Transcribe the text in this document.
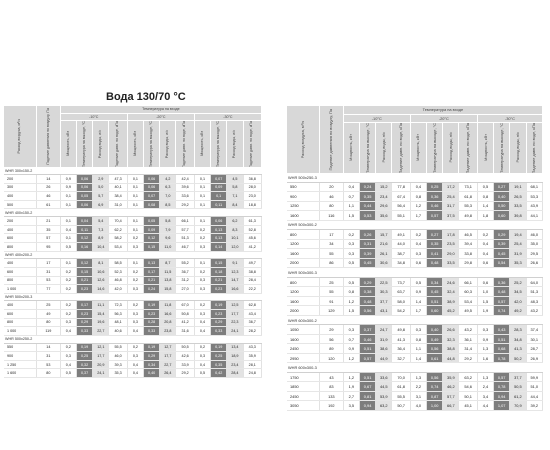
Вода 130/70 °С
Расход воздуха, м³/ч	Падение давления по воздуху, Па	Температура на входе											
		-10°С				-20°С				-30°С			

		Мощность, кВт	Температура на выходе, °С	Расход воды, л/с	Падение давл. по воде, кПа	Мощность, кВт	Температура на выходе, °С	Расход воды, л/с	Падение давл. по воде, кПа	Мощность, кВт	Температура на выходе, °С	Расход воды, л/с	Падение давл. по воде, кПа

WHR 300x150-2													
200	14	0,9	0,06	2,9	47,3	0,1	0,06	4,2	42,4	0,1	0,07	4,5	36,8
300	26	0,9	0,06	5,0	40,1	0,1	0,06	6,3	39,6	0,1	0,09	5,8	28,0
400	46	0,1	0,05	5,7	38,4	0,1	0,07	7,0	33,6	0,1	0,1	7,1	23,0
500	61	0,1	0,06	6,9	31,0	0,1	0,08	8,5	29,2	0,1	0,11	8,4	18,8
WHR 400x150-2													
200	21	0,1	0,04	5,4	70,4	0,1	0,05	5,8	66,1	0,1	0,06	6,2	61,3
400	35	0,4	0,11	7,3	62,2	0,1	0,09	7,9	57,7	0,2	0,13	8,3	52,8
600	57	0,1	0,12	8,9	58,2	0,2	0,12	9,6	51,3	0,2	0,13	10,1	45,6
800	95	0,5	0,16	10,4	53,4	0,3	0,15	11,0	46,7	0,3	0,14	12,0	41,2
WHR 400x200-2													
400	17	0,1	0,12	8,1	58,5	0,1	0,13	8,7	55,2	0,1	0,15	9,1	49,7
600	31	0,2	0,15	10,6	52,3	0,2	0,17	11,5	36,7	0,2	0,18	12,3	38,8
800	53	0,2	0,21	12,6	46,8	0,2	0,21	13,8	31,2	0,3	0,21	14,7	28,4
1 000	77	0,2	0,23	14,6	42,0	0,3	0,24	15,8	27,0	0,3	0,23	16,6	22,2
WHR 500x200-3													
400	25	0,2	0,17	11,1	72,3	0,2	0,19	11,8	67,0	0,2	0,19	12,5	62,8
600	49	0,2	0,23	15,4	56,3	0,3	0,23	16,6	50,8	0,3	0,23	17,7	43,4
800	80	0,3	0,29	19,6	48,1	0,3	0,28	20,8	41,2	0,4	0,29	22,3	36,7
1 000	119	0,4	0,33	22,7	40,6	0,4	0,33	23,8	31,6	0,4	0,33	24,1	28,2
WHR 500x250-2													
550	14	0,2	0,19	12,1	55,5	0,2	0,19	12,7	50,5	0,2	0,19	13,4	43,3
900	31	0,3	0,25	17,7	46,0	0,3	0,29	17,7	42,6	0,3	0,25	18,9	35,9
1 250	53	0,4	0,32	20,9	39,3	0,4	0,34	22,7	33,9	0,4	0,35	23,4	28,1
1 600	80	0,5	0,37	24,1	35,3	0,4	0,40	26,4	29,2	0,5	0,42	28,4	24,8
Расход воздуха, м³/ч	Падение давления по воздуху, Па	Температура на входе											
		-10°С				-20°С				-30°С			

		Мощность, кВт	Температура на выходе, °С	Расход воды, л/с	Падение давл. по воде, кПа	Мощность, кВт	Температура на выходе, °С	Расход воды, л/с	Падение давл. по воде, кПа	Мощность, кВт	Температура на выходе, °С	Расход воды, л/с	Падение давл. по воде, кПа

WHR 500x250-3													
550	20	0,4	0,24	15,2	77,8	0,4	0,25	17,2	73,1	0,5	0,27	19,1	68,1
900	46	0,7	0,35	23,4	67,4	0,8	0,36	25,4	61,8	0,8	0,40	26,5	53,3
1250	80	1,1	0,44	29,6	56,4	1,2	0,46	31,7	55,3	1,4	0,50	33,5	43,9
1600	116	1,5	0,53	35,6	55,1	1,7	0,57	37,5	49,8	1,8	0,60	39,8	44,1
WHR 500x300-2													
800	17	0,2	0,26	15,7	49,1	0,2	0,27	17,8	46,5	0,2	0,29	19,4	46,0
1200	34	0,3	0,31	21,6	44,0	0,4	0,35	23,5	39,4	0,4	0,39	25,4	35,0
1600	55	0,3	0,39	26,1	38,7	0,3	0,41	29,0	33,8	0,4	0,45	31,9	29,5
2000	86	0,5	0,45	30,6	34,8	0,6	0,48	33,5	29,8	0,6	0,54	35,3	26,6
WHR 500x300-3													
800	25	0,5	0,29	22,5	73,7	0,5	0,34	24,6	66,1	0,6	0,36	25,2	64,0
1200	55	0,8	0,38	30,3	63,7	0,9	0,45	32,4	60,3	1,0	0,48	34,5	51,3
1600	91	1,2	0,48	37,7	58,0	1,4	0,51	38,9	53,4	1,5	0,57	42,0	48,3
2000	129	1,5	0,56	43,1	54,2	1,7	0,60	45,2	49,5	1,9	0,74	49,2	43,2
WHR 600x300-2													
1050	29	0,3	0,37	24,7	49,8	0,3	0,40	26,6	43,2	0,3	0,43	28,3	37,4
1600	56	0,7	0,46	31,9	41,3	0,8	0,49	32,3	36,1	0,9	0,51	34,8	30,1
2450	89	0,9	0,51	38,6	36,4	1,1	0,56	38,8	31,4	1,3	0,68	41,3	28,7
2950	120	1,2	0,57	44,9	32,7	1,4	0,61	44,8	29,2	1,6	0,78	50,2	26,9
WHR 600x300-3													
1750	43	1,2	0,51	33,6	70,0	1,3	0,56	35,9	63,2	1,3	0,57	37,7	59,9
1850	83	1,9	0,67	44,5	61,8	2,2	0,74	46,2	54,6	2,4	0,78	50,5	51,0
2450	133	2,7	0,81	53,9	55,5	3,1	0,87	57,7	50,1	3,4	0,94	61,2	44,4
3050	192	3,5	0,94	63,2	50,7	4,0	1,00	66,7	45,1	4,4	1,07	70,9	39,2
